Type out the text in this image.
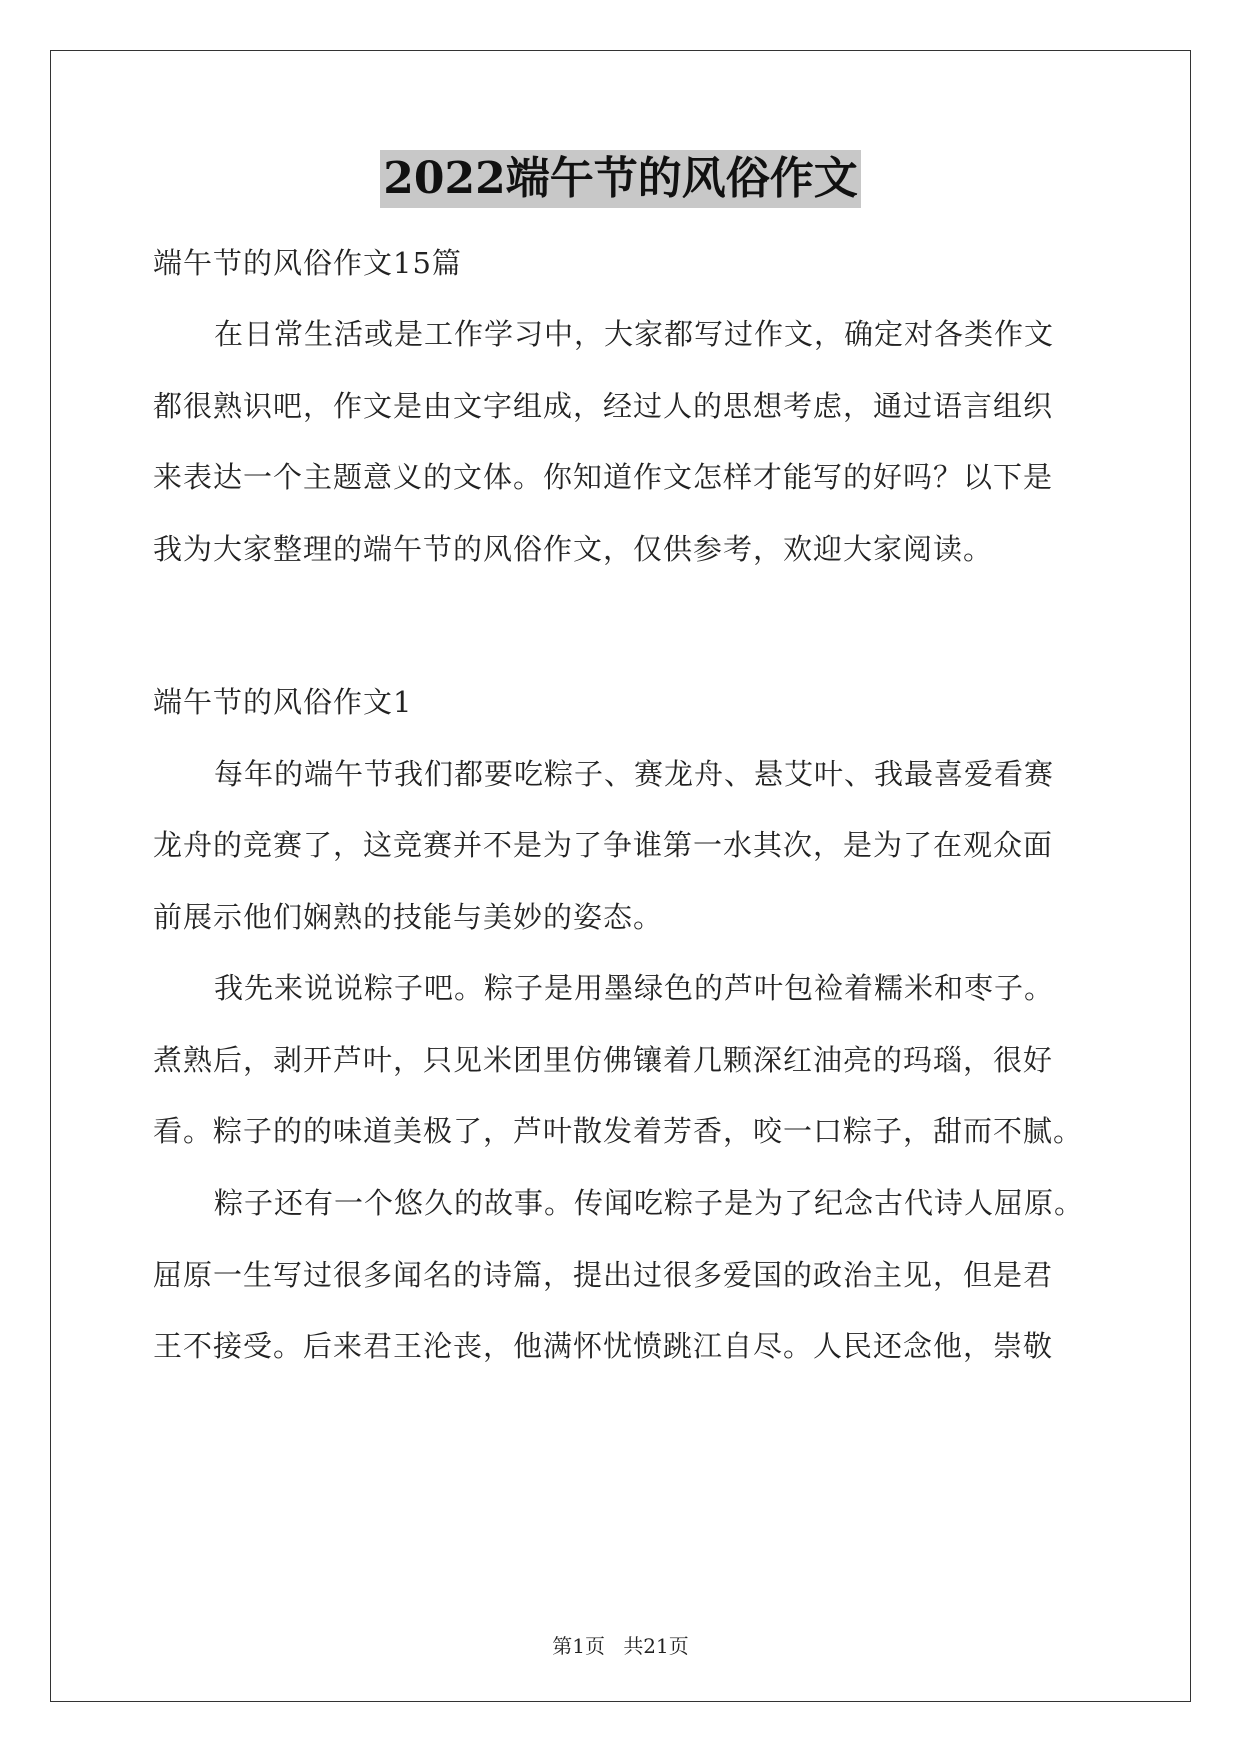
2022端午节的风俗作文
端午节的风俗作文15篇
在日常生活或是工作学习中，大家都写过作文，确定对各类作文
都很熟识吧，作文是由文字组成，经过人的思想考虑，通过语言组织
来表达一个主题意义的文体。你知道作文怎样才能写的好吗？以下是
我为大家整理的端午节的风俗作文，仅供参考，欢迎大家阅读。
端午节的风俗作文1
每年的端午节我们都要吃粽子、赛龙舟、悬艾叶、我最喜爱看赛
龙舟的竞赛了，这竞赛并不是为了争谁第一水其次，是为了在观众面
前展示他们娴熟的技能与美妙的姿态。
我先来说说粽子吧。粽子是用墨绿色的芦叶包裣着糯米和枣子。
煮熟后，剥开芦叶，只见米团里仿佛镶着几颗深红油亮的玛瑙，很好
看。粽子的的味道美极了，芦叶散发着芳香，咬一口粽子，甜而不腻。
粽子还有一个悠久的故事。传闻吃粽子是为了纪念古代诗人屈原。
屈原一生写过很多闻名的诗篇，提出过很多爱国的政治主见，但是君
王不接受。后来君王沦丧，他满怀忧愤跳江自尽。人民还念他，崇敬
第1页 共21页
